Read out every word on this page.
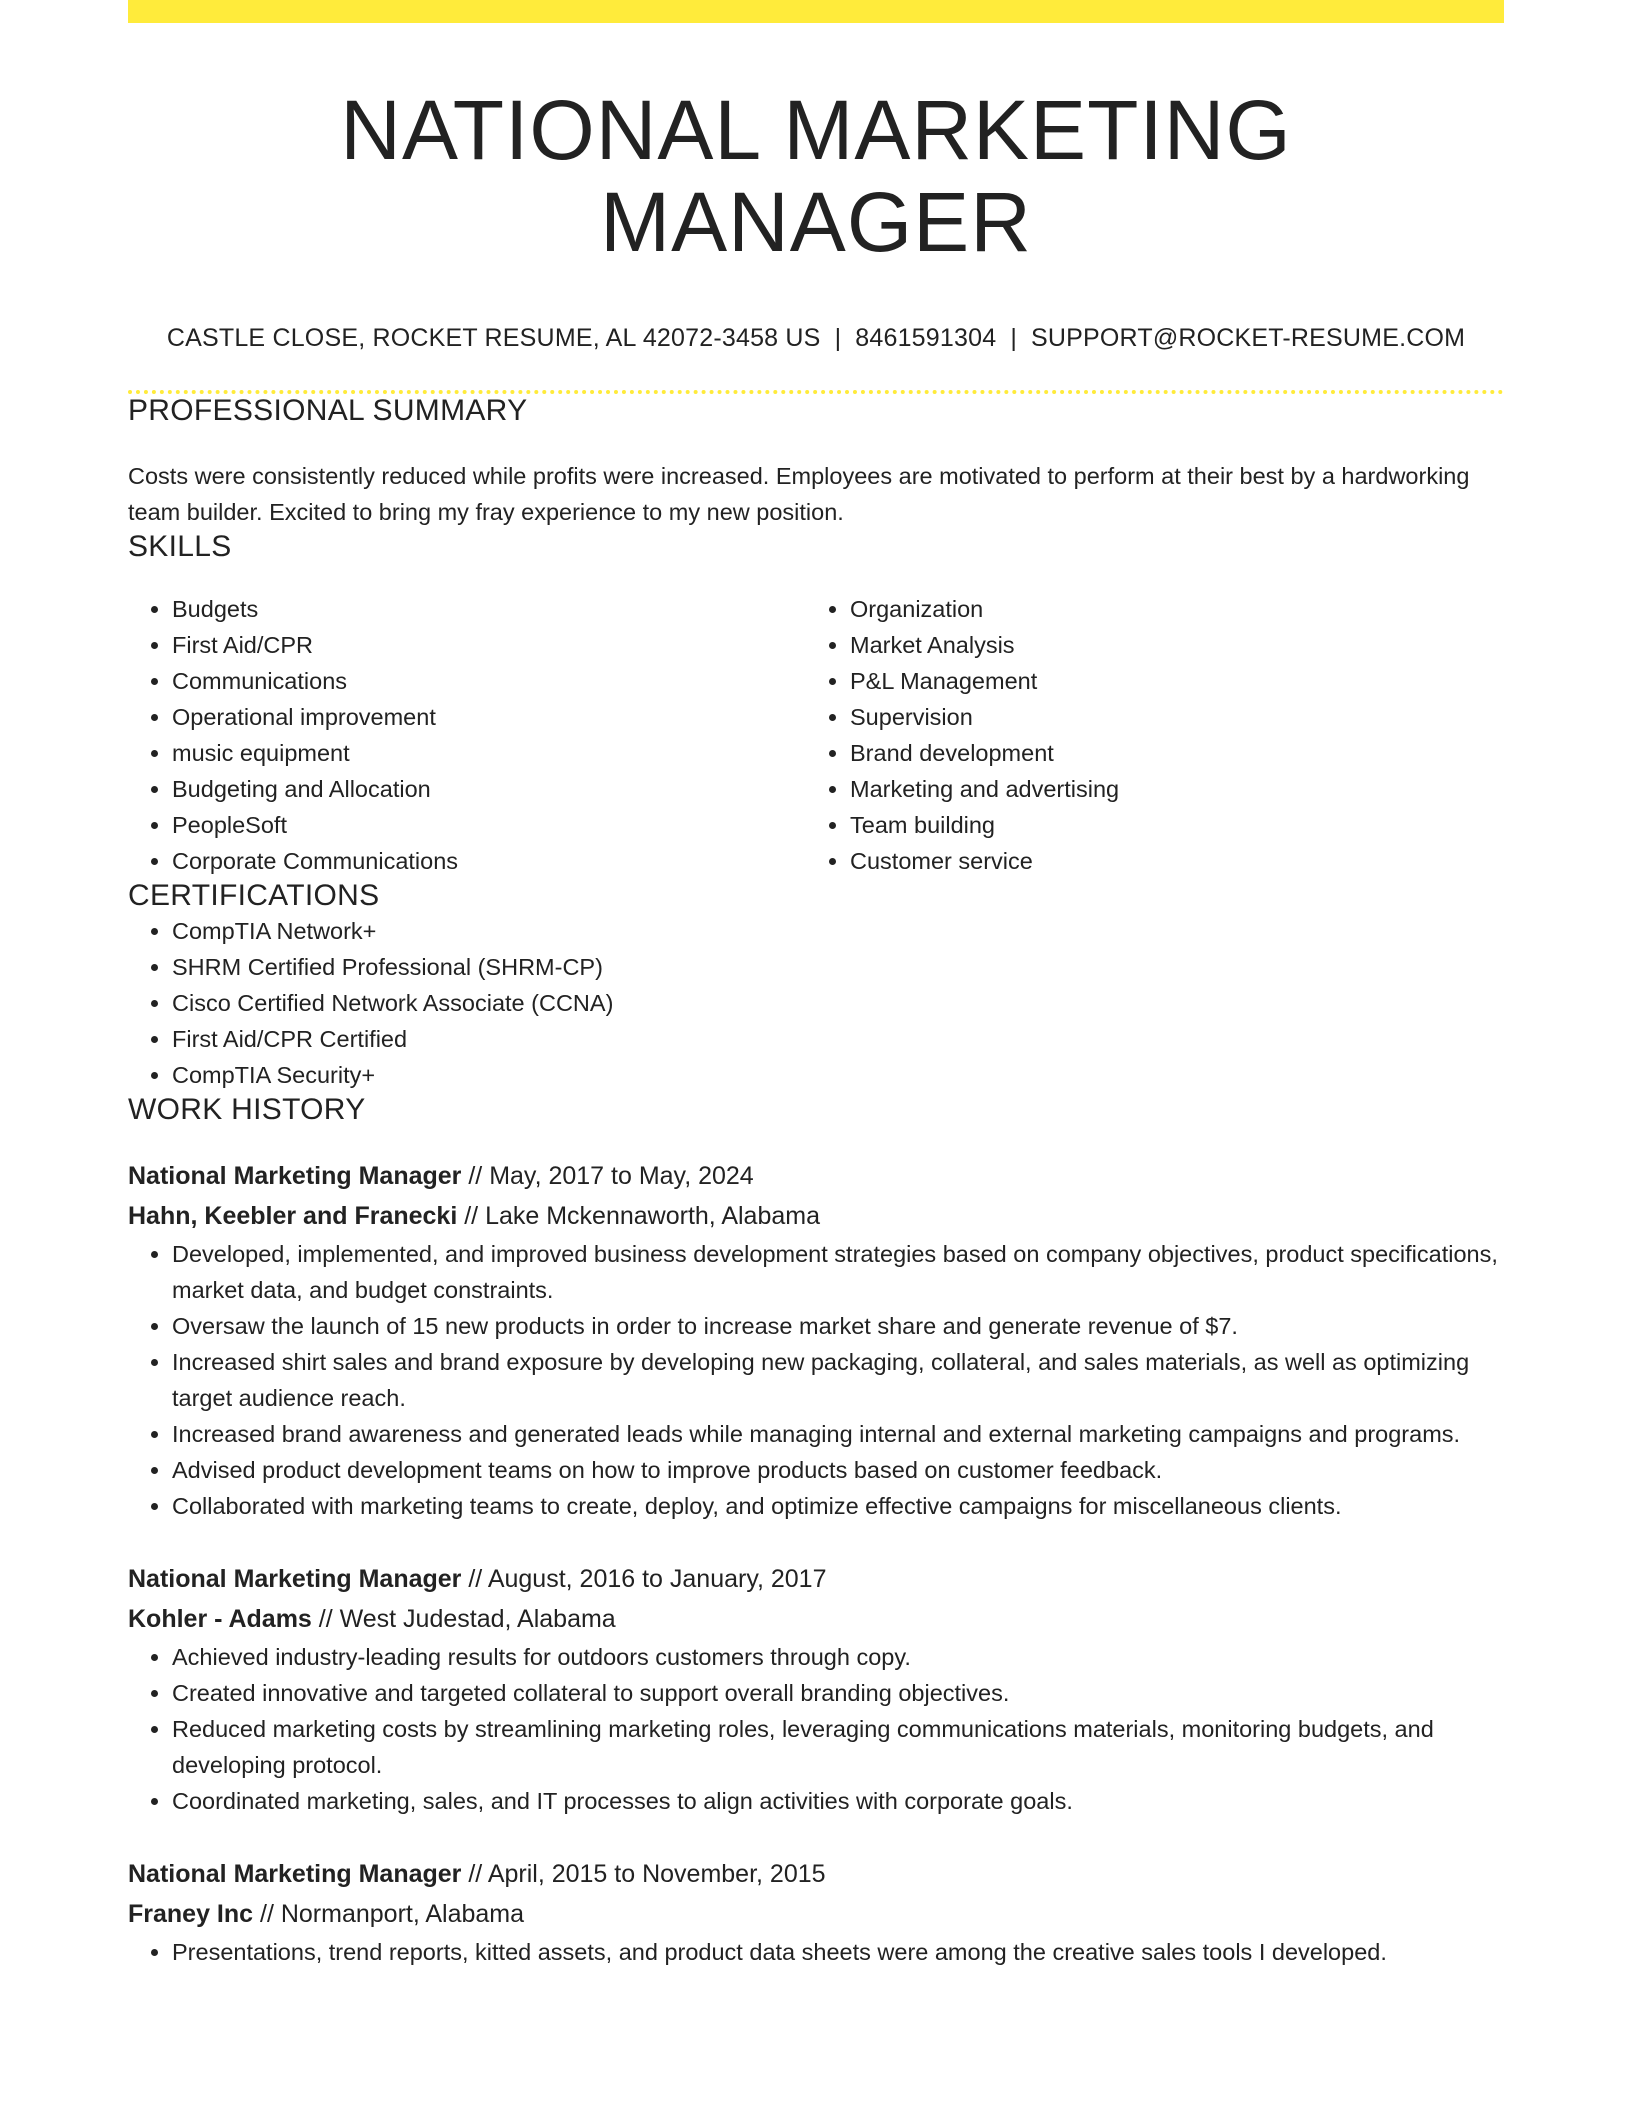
NATIONAL MARKETING MANAGER
CASTLE CLOSE, ROCKET RESUME, AL 42072-3458 US | 8461591304 | SUPPORT@ROCKET-RESUME.COM
PROFESSIONAL SUMMARY

Costs were consistently reduced while profits were increased. Employees are motivated to perform at their best by a hardworking team builder. Excited to bring my fray experience to my new position.

SKILLS
• Budgets
• First Aid/CPR
• Communications
• Operational improvement
• music equipment
• Budgeting and Allocation
• PeopleSoft
• Corporate Communications
• Organization
• Market Analysis
• P&L Management
• Supervision
• Brand development
• Marketing and advertising
• Team building
• Customer service
CERTIFICATIONS
• CompTIA Network+
• SHRM Certified Professional (SHRM-CP)
• Cisco Certified Network Associate (CCNA)
• First Aid/CPR Certified
• CompTIA Security+
WORK HISTORY
National Marketing Manager // May, 2017 to May, 2024
Hahn, Keebler and Franecki // Lake Mckennaworth, Alabama
• Developed, implemented, and improved business development strategies based on company objectives, product specifications, market data, and budget constraints.
• Oversaw the launch of 15 new products in order to increase market share and generate revenue of $7.
• Increased shirt sales and brand exposure by developing new packaging, collateral, and sales materials, as well as optimizing target audience reach.
• Increased brand awareness and generated leads while managing internal and external marketing campaigns and programs.
• Advised product development teams on how to improve products based on customer feedback.
• Collaborated with marketing teams to create, deploy, and optimize effective campaigns for miscellaneous clients.
National Marketing Manager // August, 2016 to January, 2017
Kohler - Adams // West Judestad, Alabama
• Achieved industry-leading results for outdoors customers through copy.
• Created innovative and targeted collateral to support overall branding objectives.
• Reduced marketing costs by streamlining marketing roles, leveraging communications materials, monitoring budgets, and developing protocol.
• Coordinated marketing, sales, and IT processes to align activities with corporate goals.
National Marketing Manager // April, 2015 to November, 2015
Franey Inc // Normanport, Alabama
• Presentations, trend reports, kitted assets, and product data sheets were among the creative sales tools I developed.
